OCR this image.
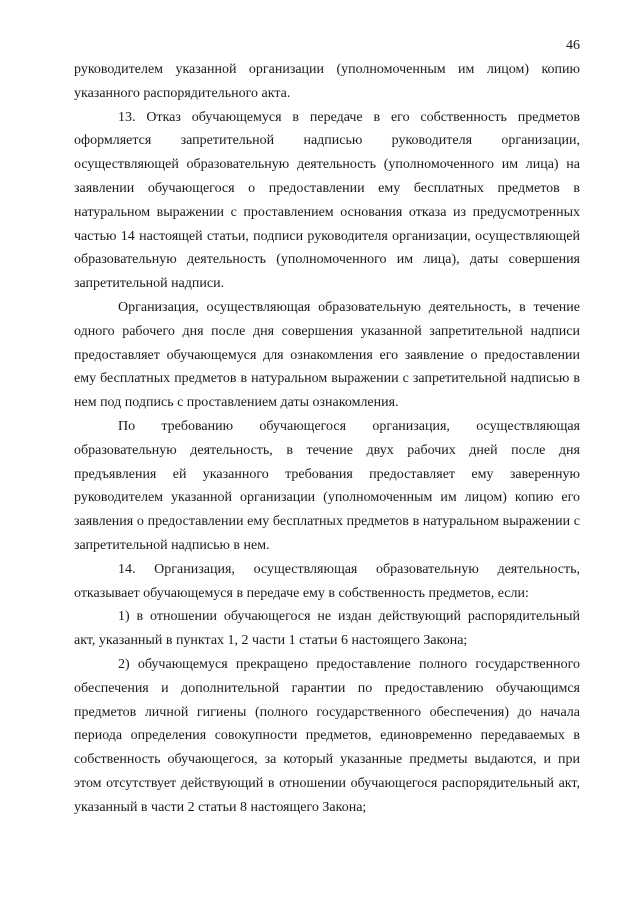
46

руководителем указанной организации (уполномоченным им лицом) копию указанного распорядительного акта.

13. Отказ обучающемуся в передаче в его собственность предметов оформляется запретительной надписью руководителя организации, осуществляющей образовательную деятельность (уполномоченного им лица) на заявлении обучающегося о предоставлении ему бесплатных предметов в натуральном выражении с проставлением основания отказа из предусмотренных частью 14 настоящей статьи, подписи руководителя организации, осуществляющей образовательную деятельность (уполномоченного им лица), даты совершения запретительной надписи.

Организация, осуществляющая образовательную деятельность, в течение одного рабочего дня после дня совершения указанной запретительной надписи предоставляет обучающемуся для ознакомления его заявление о предоставлении ему бесплатных предметов в натуральном выражении с запретительной надписью в нем под подпись с проставлением даты ознакомления.

По требованию обучающегося организация, осуществляющая образовательную деятельность, в течение двух рабочих дней после дня предъявления ей указанного требования предоставляет ему заверенную руководителем указанной организации (уполномоченным им лицом) копию его заявления о предоставлении ему бесплатных предметов в натуральном выражении с запретительной надписью в нем.

14. Организация, осуществляющая образовательную деятельность, отказывает обучающемуся в передаче ему в собственность предметов, если:

1) в отношении обучающегося не издан действующий распорядительный акт, указанный в пунктах 1, 2 части 1 статьи 6 настоящего Закона;

2) обучающемуся прекращено предоставление полного государственного обеспечения и дополнительной гарантии по предоставлению обучающимся предметов личной гигиены (полного государственного обеспечения) до начала периода определения совокупности предметов, единовременно передаваемых в собственность обучающегося, за который указанные предметы выдаются, и при этом отсутствует действующий в отношении обучающегося распорядительный акт, указанный в части 2 статьи 8 настоящего Закона;
